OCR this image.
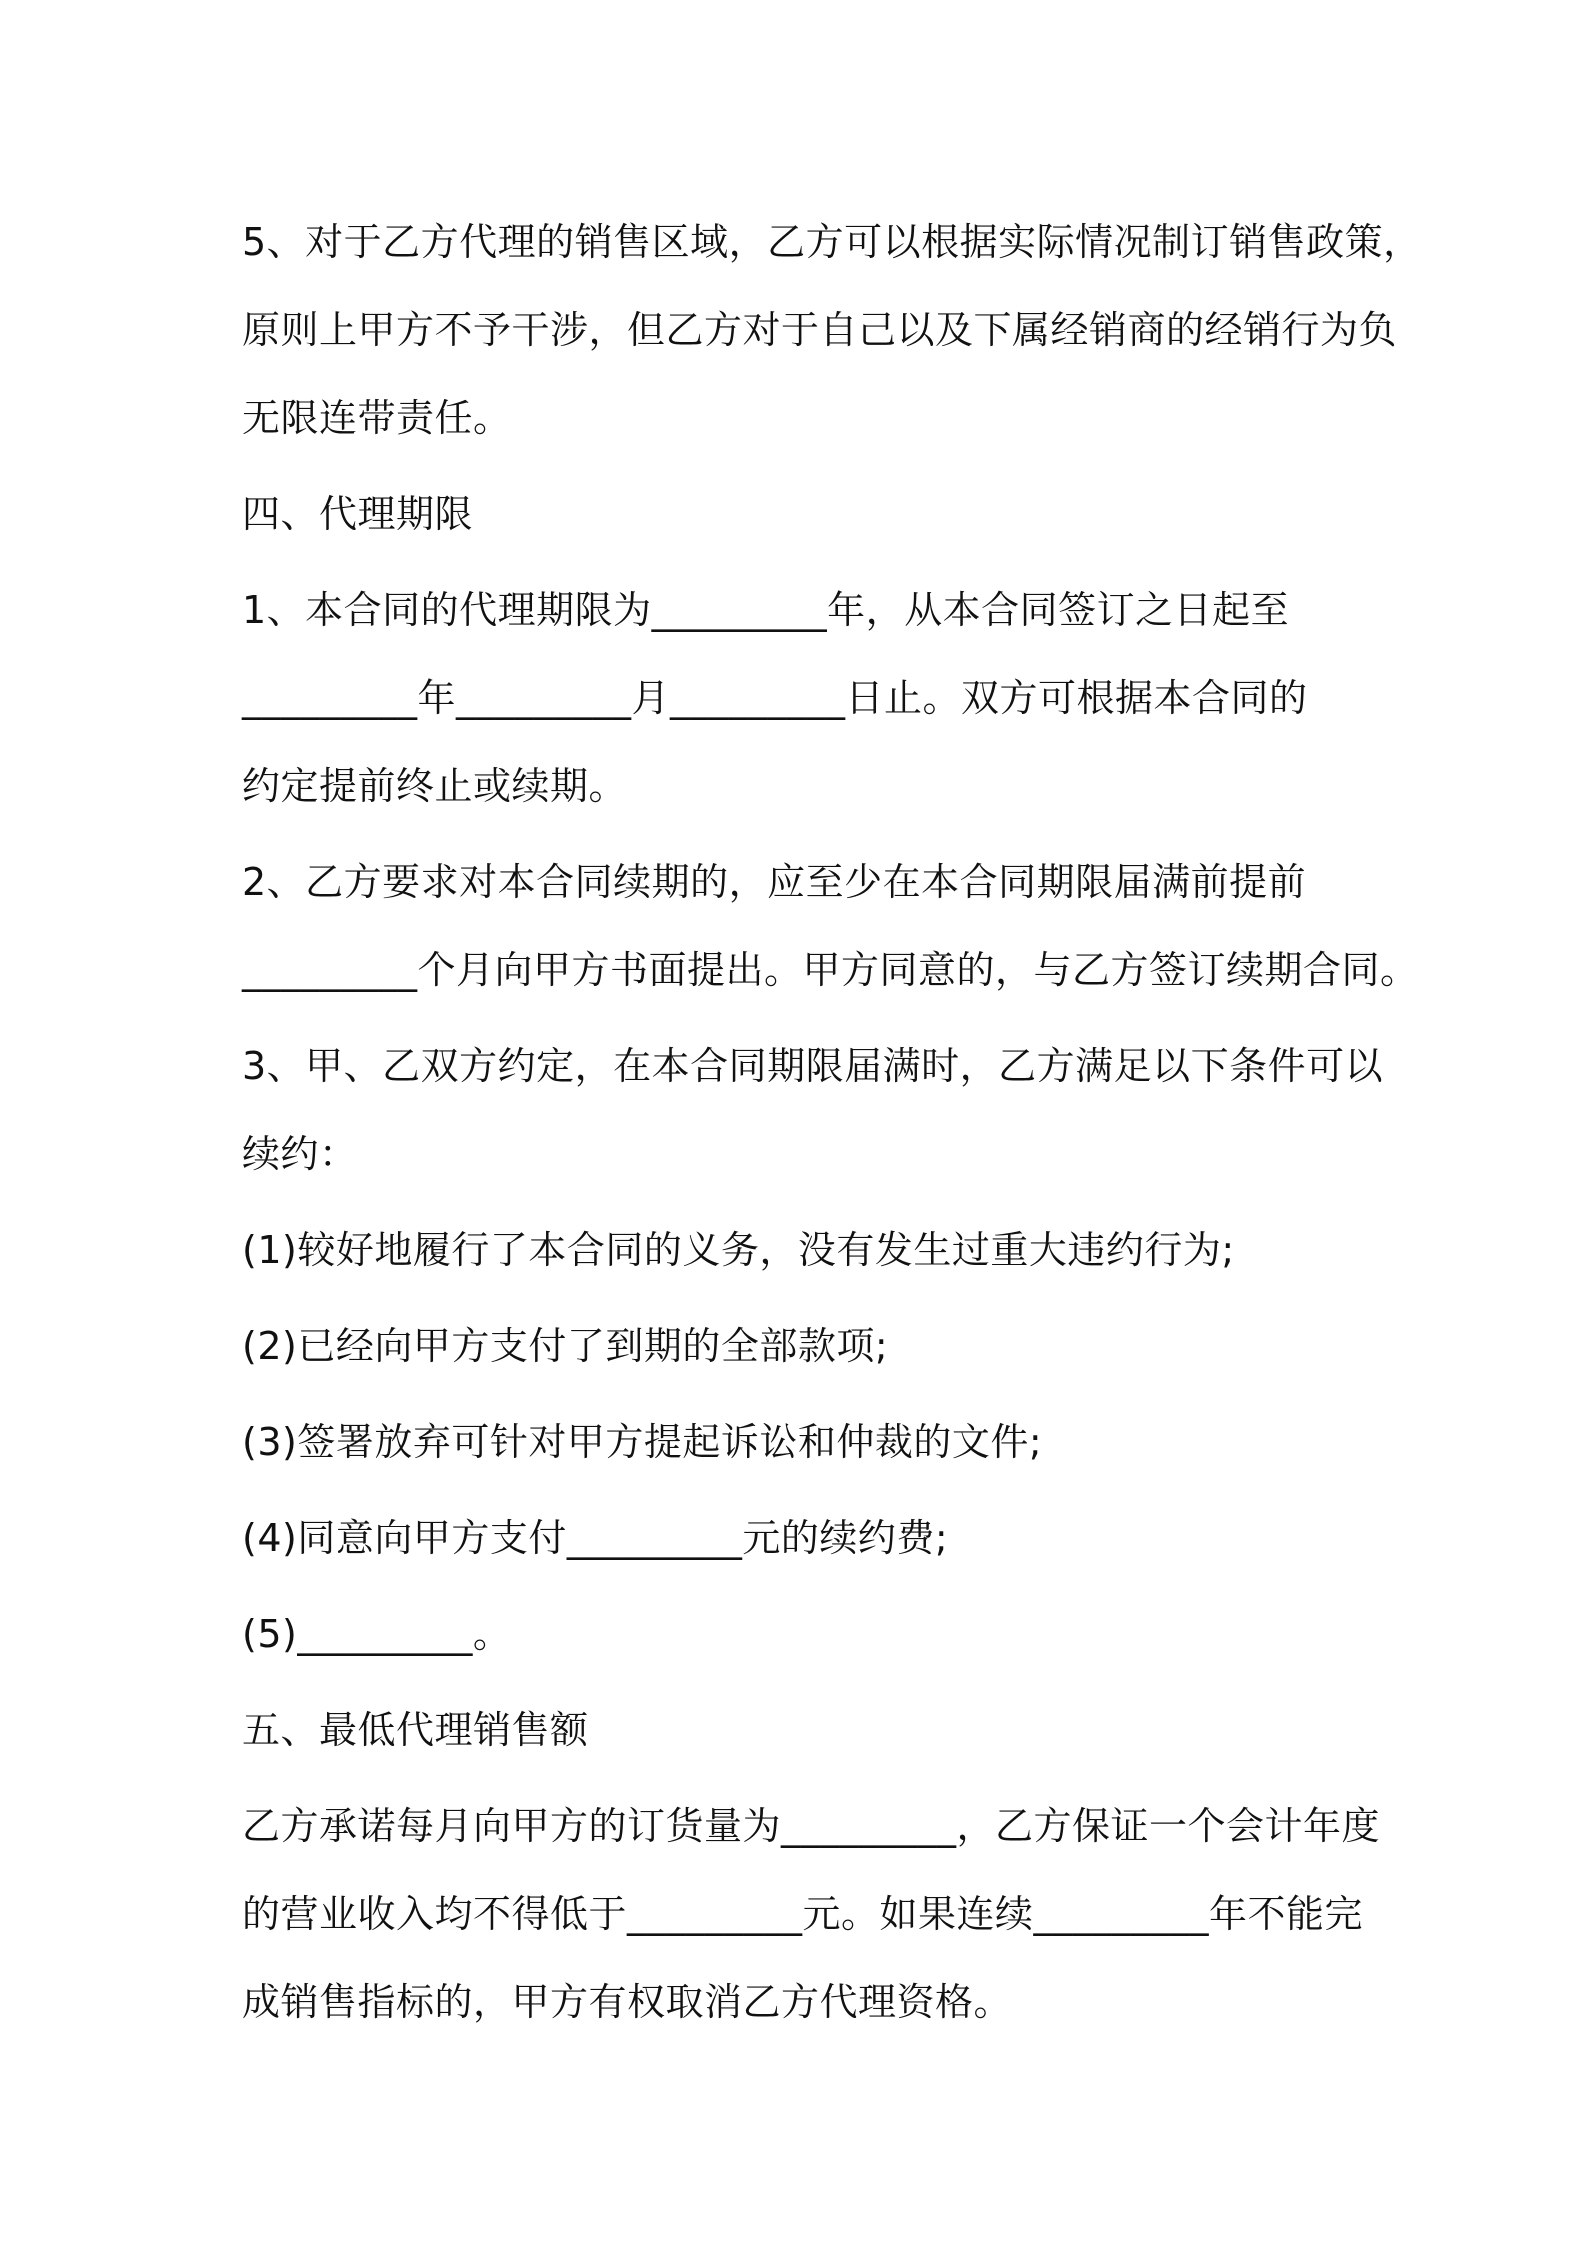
5、对于乙方代理的销售区域，乙方可以根据实际情况制订销售政策，
原则上甲方不予干涉，但乙方对于自己以及下属经销商的经销行为负
无限连带责任。

四、代理期限

1、本合同的代理期限为_________年，从本合同签订之日起至
_________年_________月_________日止。双方可根据本合同的
约定提前终止或续期。

2、乙方要求对本合同续期的，应至少在本合同期限届满前提前
_________个月向甲方书面提出。甲方同意的，与乙方签订续期合同。

3、甲、乙双方约定，在本合同期限届满时，乙方满足以下条件可以
续约：

(1)较好地履行了本合同的义务，没有发生过重大违约行为;

(2)已经向甲方支付了到期的全部款项;

(3)签署放弃可针对甲方提起诉讼和仲裁的文件;

(4)同意向甲方支付_________元的续约费;

(5)_________。

五、最低代理销售额

乙方承诺每月向甲方的订货量为_________，乙方保证一个会计年度
的营业收入均不得低于_________元。如果连续_________年不能完
成销售指标的，甲方有权取消乙方代理资格。
